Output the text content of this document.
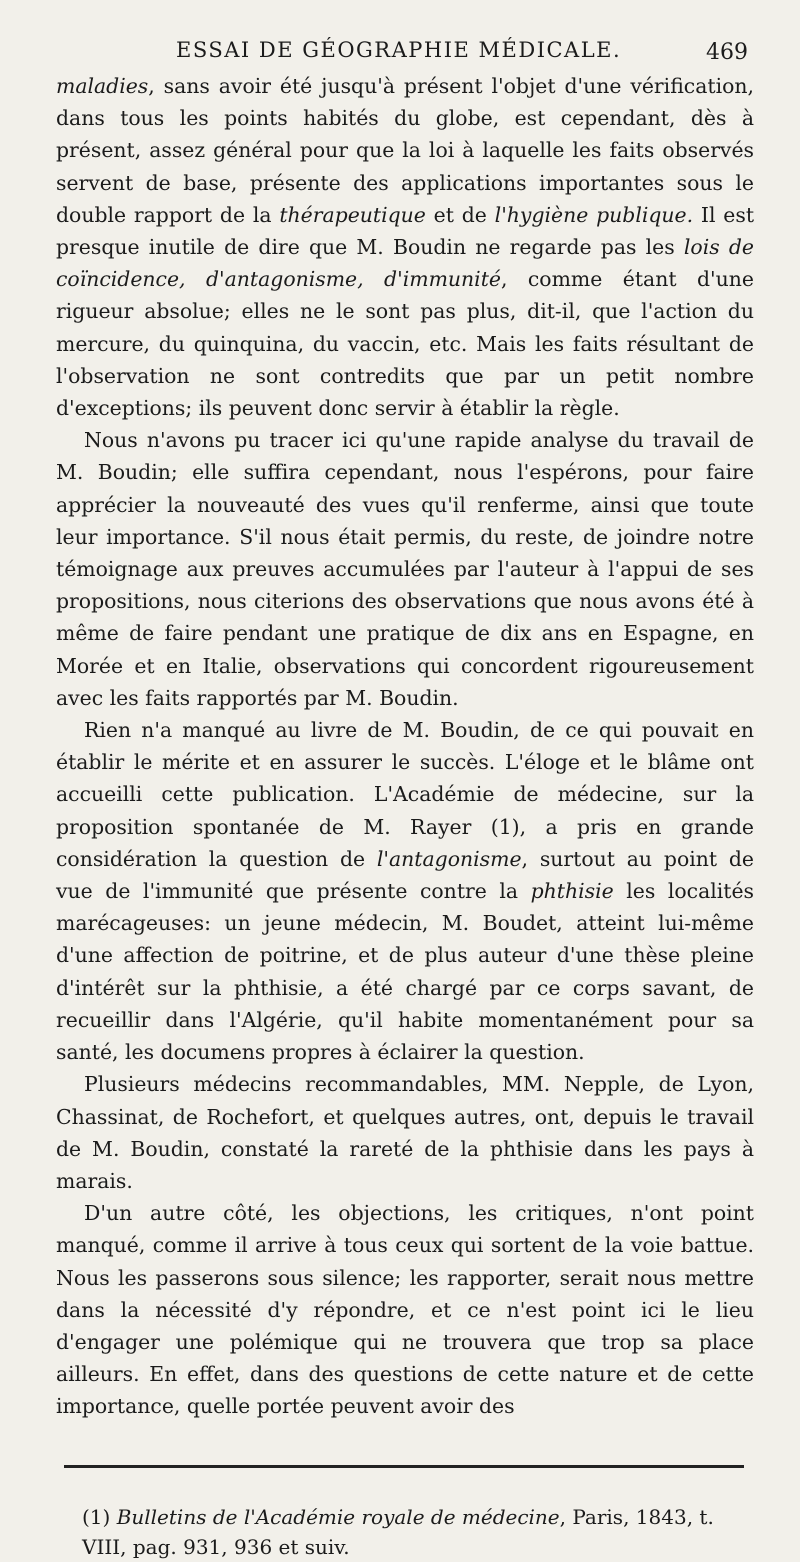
ESSAI DE GÉOGRAPHIE MÉDICALE.	469

maladies, sans avoir été jusqu'à présent l'objet d'une vérification, dans tous les points habités du globe, est cependant, dès à présent, assez général pour que la loi à laquelle les faits observés servent de base, présente des applications importantes sous le double rapport de la thérapeutique et de l'hygiène publique. Il est presque inutile de dire que M. Boudin ne regarde pas les lois de coïncidence, d'antagonisme, d'immunité, comme étant d'une rigueur absolue; elles ne le sont pas plus, dit-il, que l'action du mercure, du quinquina, du vaccin, etc. Mais les faits résultant de l'observation ne sont contredits que par un petit nombre d'exceptions; ils peuvent donc servir à établir la règle.

Nous n'avons pu tracer ici qu'une rapide analyse du travail de M. Boudin; elle suffira cependant, nous l'espérons, pour faire apprécier la nouveauté des vues qu'il renferme, ainsi que toute leur importance. S'il nous était permis, du reste, de joindre notre témoignage aux preuves accumulées par l'auteur à l'appui de ses propositions, nous citerions des observations que nous avons été à même de faire pendant une pratique de dix ans en Espagne, en Morée et en Italie, observations qui concordent rigoureusement avec les faits rapportés par M. Boudin.

Rien n'a manqué au livre de M. Boudin, de ce qui pouvait en établir le mérite et en assurer le succès. L'éloge et le blâme ont accueilli cette publication. L'Académie de médecine, sur la proposition spontanée de M. Rayer (1), a pris en grande considération la question de l'antagonisme, surtout au point de vue de l'immunité que présente contre la phthisie les localités marécageuses: un jeune médecin, M. Boudet, atteint lui-même d'une affection de poitrine, et de plus auteur d'une thèse pleine d'intérêt sur la phthisie, a été chargé par ce corps savant, de recueillir dans l'Algérie, qu'il habite momentanément pour sa santé, les documens propres à éclairer la question.

Plusieurs médecins recommandables, MM. Nepple, de Lyon, Chassinat, de Rochefort, et quelques autres, ont, depuis le travail de M. Boudin, constaté la rareté de la phthisie dans les pays à marais.

D'un autre côté, les objections, les critiques, n'ont point manqué, comme il arrive à tous ceux qui sortent de la voie battue. Nous les passerons sous silence; les rapporter, serait nous mettre dans la nécessité d'y répondre, et ce n'est point ici le lieu d'engager une polémique qui ne trouvera que trop sa place ailleurs. En effet, dans des questions de cette nature et de cette importance, quelle portée peuvent avoir des

(1) Bulletins de l'Académie royale de médecine, Paris, 1843, t. VIII, pag. 931, 936 et suiv.
